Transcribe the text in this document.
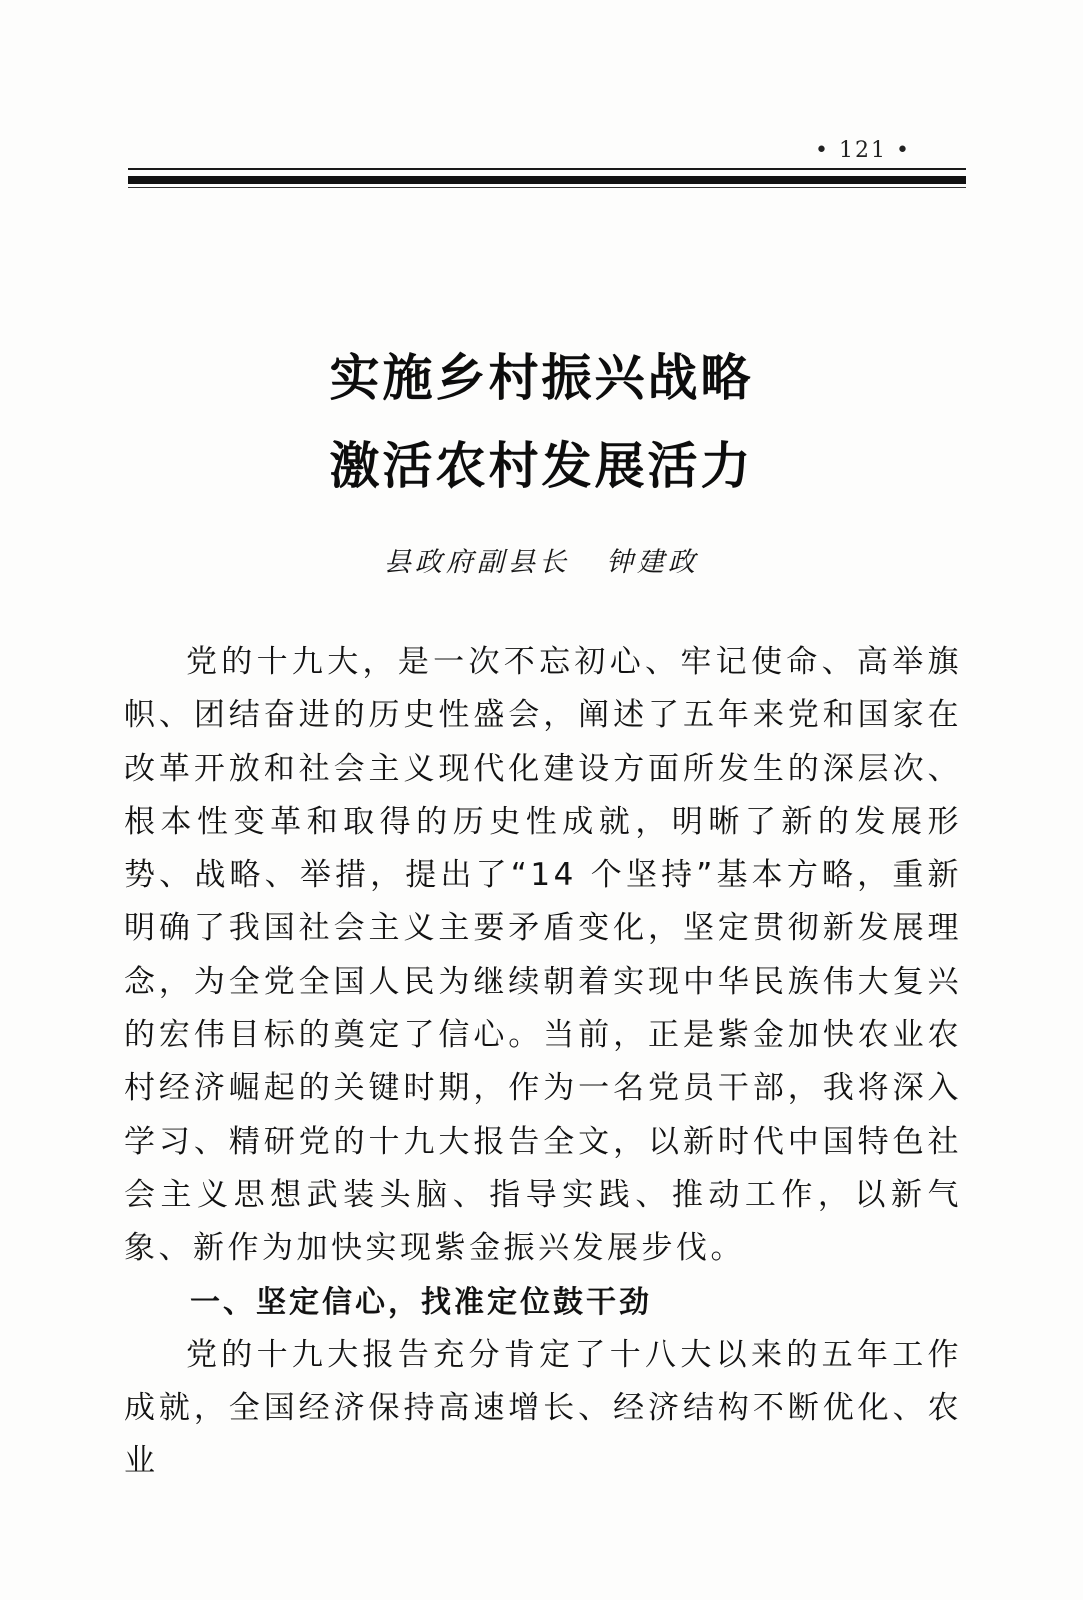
• 121 •
实施乡村振兴战略
激活农村发展活力
县政府副县长 钟建政

党的十九大，是一次不忘初心、牢记使命、高举旗帜、团结奋进的历史性盛会，阐述了五年来党和国家在改革开放和社会主义现代化建设方面所发生的深层次、根本性变革和取得的历史性成就，明晰了新的发展形势、战略、举措，提出了“14 个坚持”基本方略，重新明确了我国社会主义主要矛盾变化，坚定贯彻新发展理念，为全党全国人民为继续朝着实现中华民族伟大复兴的宏伟目标的奠定了信心。当前，正是紫金加快农业农村经济崛起的关键时期，作为一名党员干部，我将深入学习、精研党的十九大报告全文，以新时代中国特色社会主义思想武装头脑、指导实践、推动工作，以新气象、新作为加快实现紫金振兴发展步伐。

一、坚定信心，找准定位鼓干劲

党的十九大报告充分肯定了十八大以来的五年工作成就，全国经济保持高速增长、经济结构不断优化、农业
